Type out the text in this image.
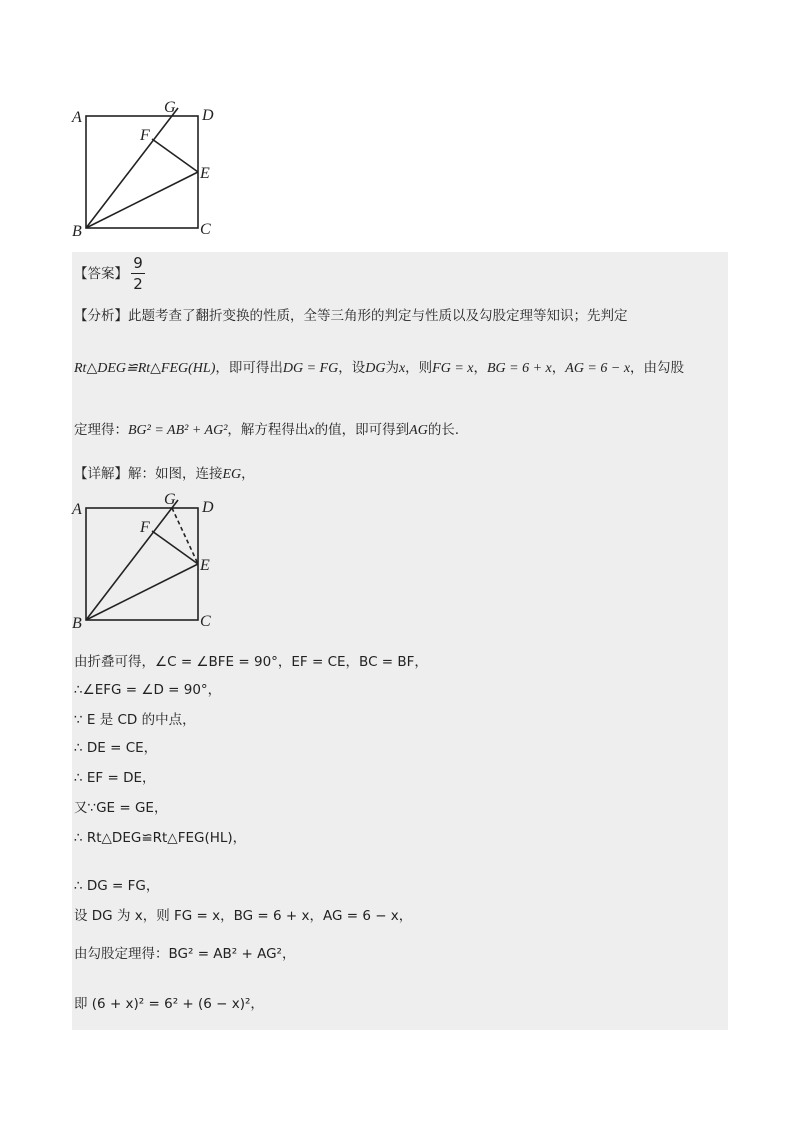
A	D
G
F
E
B	C
【答案】
9
2
【分析】此题考查了翻折变换的性质，全等三角形的判定与性质以及勾股定理等知识；先判定
Rt△DEG≌Rt△FEG(HL)，即可得出DG = FG，设DG为x，则FG = x，BG = 6 + x，AG = 6 − x，由勾股
定理得：BG² = AB² + AG²，解方程得出x的值，即可得到AG的长.
【详解】解：如图，连接EG，
A	D
G
F
E
B	C
由折叠可得，∠C = ∠BFE = 90°，EF = CE，BC = BF，
∴∠EFG = ∠D = 90°，
∵ E 是 CD 的中点，
∴ DE = CE，
∴ EF = DE，
又∵GE = GE，
∴ Rt△DEG≌Rt△FEG(HL)，
∴ DG = FG，
设 DG 为 x，则 FG = x，BG = 6 + x，AG = 6 − x，
由勾股定理得：BG² = AB² + AG²，
即 (6 + x)² = 6² + (6 − x)²，
